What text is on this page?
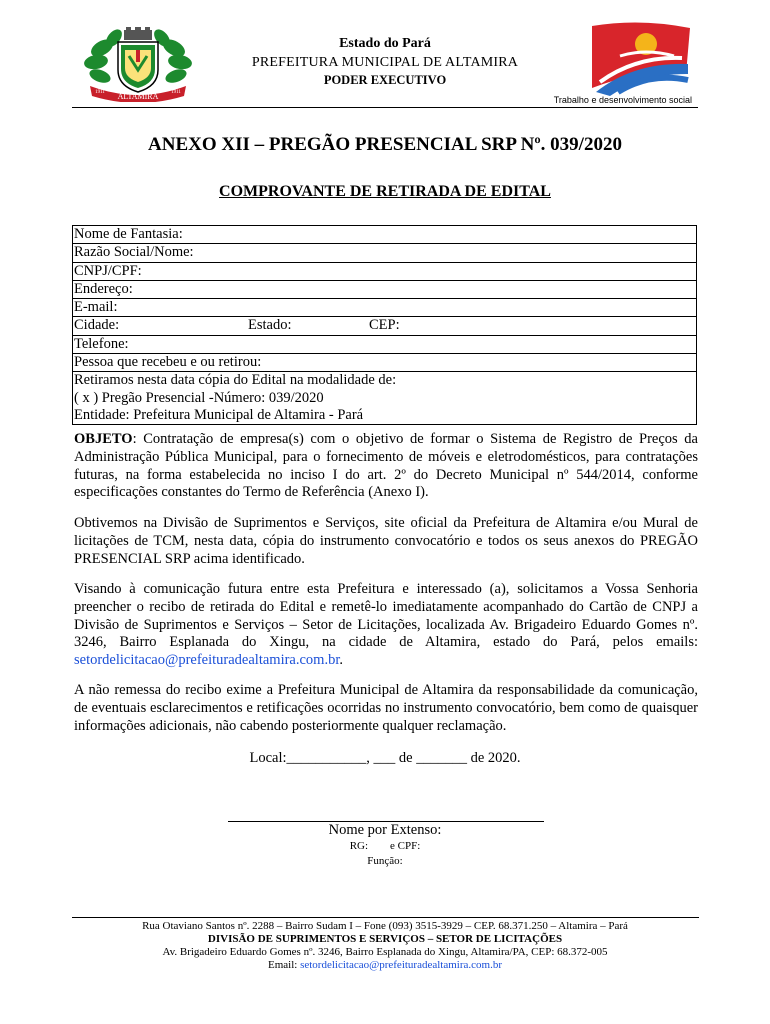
ALTAMIRA
1911	1911
Estado do Pará
PREFEITURA MUNICIPAL DE ALTAMIRA
PODER EXECUTIVO
Trabalho e desenvolvimento social
ANEXO XII – PREGÃO PRESENCIAL SRP Nº. 039/2020
COMPROVANTE DE RETIRADA DE EDITAL
Nome de Fantasia:
Razão Social/Nome:
CNPJ/CPF:
Endereço:
E-mail:
Cidade:	Estado:	CEP:
Telefone:
Pessoa que recebeu e ou retirou:
Retiramos nesta data cópia do Edital na modalidade de:
( x ) Pregão Presencial -Número: 039/2020
Entidade: Prefeitura Municipal de Altamira - Pará
OBJETO: Contratação de empresa(s) com o objetivo de formar o Sistema de Registro de Preços da Administração Pública Municipal, para o fornecimento de móveis e eletrodomésticos, para contratações futuras, na forma estabelecida no inciso I do art. 2º do Decreto Municipal nº 544/2014, conforme especificações constantes do Termo de Referência (Anexo I).
Obtivemos na Divisão de Suprimentos e Serviços, site oficial da Prefeitura de Altamira e/ou Mural de licitações de TCM, nesta data, cópia do instrumento convocatório e todos os seus anexos do PREGÃO PRESENCIAL SRP acima identificado.
Visando à comunicação futura entre esta Prefeitura e interessado (a), solicitamos a Vossa Senhoria preencher o recibo de retirada do Edital e remetê-lo imediatamente acompanhado do Cartão de CNPJ a Divisão de Suprimentos e Serviços – Setor de Licitações, localizada Av. Brigadeiro Eduardo Gomes nº. 3246, Bairro Esplanada do Xingu, na cidade de Altamira, estado do Pará, pelos emails: setordelicitacao@prefeituradealtamira.com.br.
A não remessa do recibo exime a Prefeitura Municipal de Altamira da responsabilidade da comunicação, de eventuais esclarecimentos e retificações ocorridas no instrumento convocatório, bem como de quaisquer informações adicionais, não cabendo posteriormente qualquer reclamação.
Local:___________, ___ de _______ de 2020.
Nome por Extenso:
RG:        e CPF:
Função:
Rua Otaviano Santos nº. 2288 – Bairro Sudam I – Fone (093) 3515-3929 – CEP. 68.371.250 – Altamira – Pará
DIVISÃO DE SUPRIMENTOS E SERVIÇOS – SETOR DE LICITAÇÕES
Av. Brigadeiro Eduardo Gomes nº. 3246, Bairro Esplanada do Xingu, Altamira/PA, CEP: 68.372-005
Email: setordelicitacao@prefeituradealtamira.com.br
